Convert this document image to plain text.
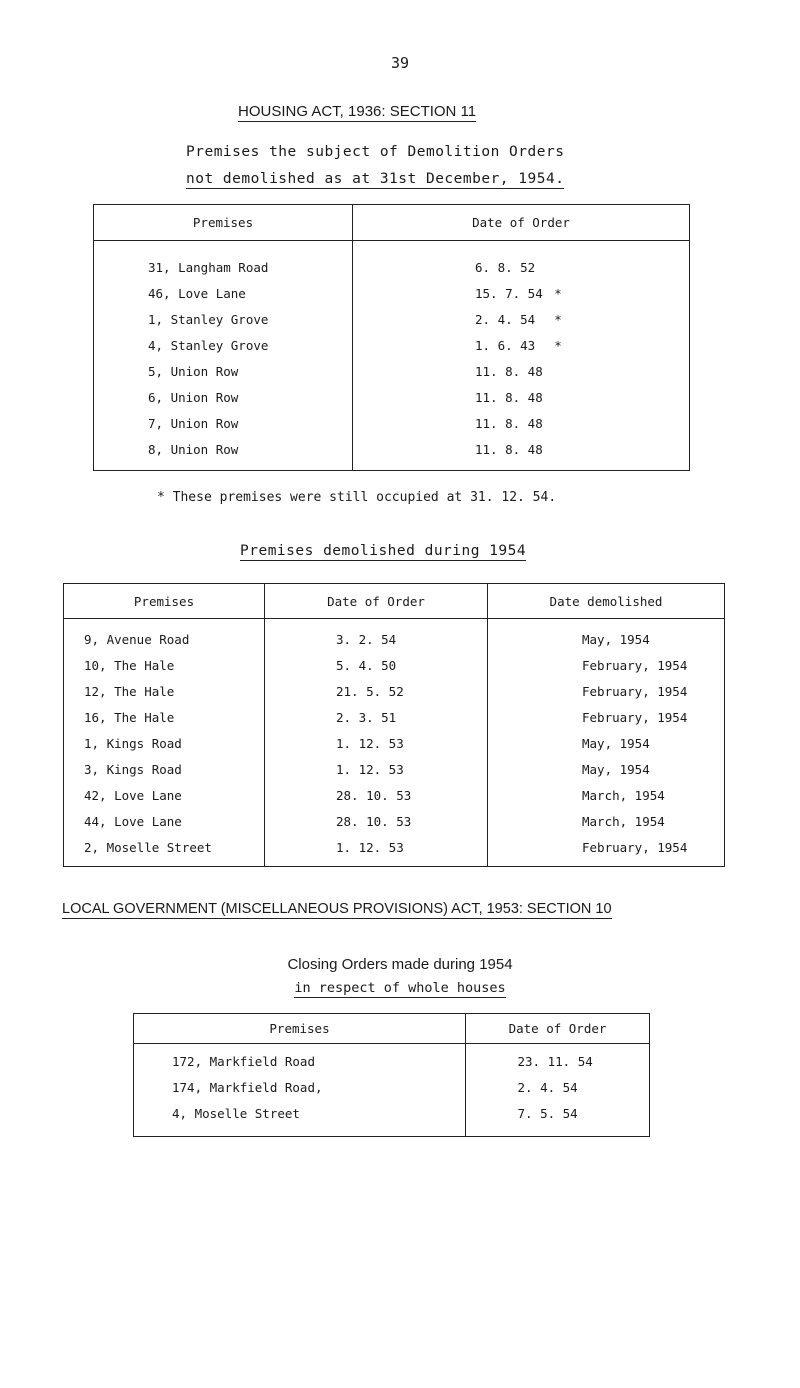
39
HOUSING ACT, 1936: SECTION 11
Premises the subject of Demolition Orders
not demolished as at 31st December, 1954.
Premises	Date of Order

31, Langham Road	6. 8. 52
46, Love Lane	15. 7. 54 *
1, Stanley Grove	2. 4. 54 *
4, Stanley Grove	1. 6. 43 *
5, Union Row	11. 8. 48
6, Union Row	11. 8. 48
7, Union Row	11. 8. 48
8, Union Row	11. 8. 48

* These premises were still occupied at 31. 12. 54.
Premises demolished during 1954
Premises	Date of Order	Date demolished

9, Avenue Road	3. 2. 54	May, 1954
10, The Hale	5. 4. 50	February, 1954
12, The Hale	21. 5. 52	February, 1954
16, The Hale	2. 3. 51	February, 1954
1, Kings Road	1. 12. 53	May, 1954
3, Kings Road	1. 12. 53	May, 1954
42, Love Lane	28. 10. 53	March, 1954
44, Love Lane	28. 10. 53	March, 1954
2, Moselle Street	1. 12. 53	February, 1954

LOCAL GOVERNMENT (MISCELLANEOUS PROVISIONS) ACT, 1953: SECTION 10
Closing Orders made during 1954
in respect of whole houses
Premises	Date of Order

172, Markfield Road	23. 11. 54
174, Markfield Road,	2. 4. 54
4, Moselle Street	7. 5. 54
